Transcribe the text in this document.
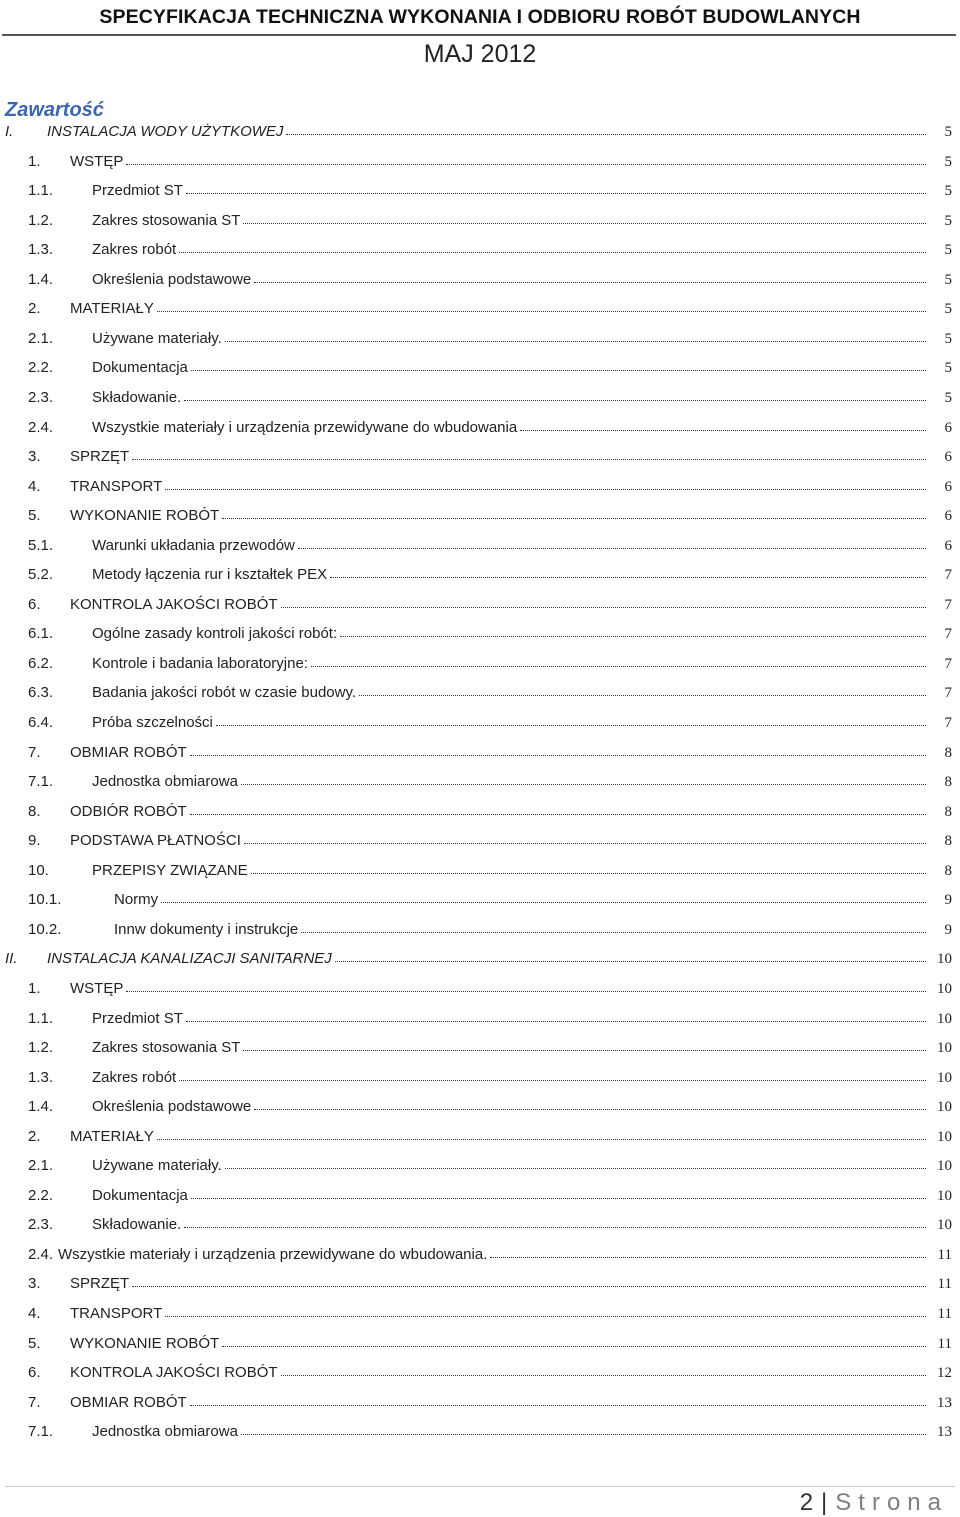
SPECYFIKACJA TECHNICZNA WYKONANIA I ODBIORU ROBÓT BUDOWLANYCH
MAJ 2012
Zawartość
I. INSTALACJA WODY UŻYTKOWEJ	5
1. WSTĘP	5
1.1.	Przedmiot ST	5
1.2.	Zakres stosowania ST	5
1.3.	Zakres robót	5
1.4.	Określenia podstawowe	5
2. MATERIAŁY	5
2.1.	Używane materiały.	5
2.2.	Dokumentacja	5
2.3.	Składowanie.	5
2.4.	Wszystkie materiały i urządzenia przewidywane do wbudowania	6
3. SPRZĘT	6
4. TRANSPORT	6
5. WYKONANIE ROBÓT	6
5.1.	Warunki układania przewodów	6
5.2.	Metody łączenia rur i kształtek PEX	7
6. KONTROLA JAKOŚCI ROBÓT	7
6.1.	Ogólne zasady kontroli jakości robót:	7
6.2.	Kontrole i badania laboratoryjne:	7
6.3.	Badania jakości robót w czasie budowy.	7
6.4.	Próba szczelności	7
7. OBMIAR ROBÓT	8
7.1.	Jednostka obmiarowa	8
8. ODBIÓR ROBÓT	8
9. PODSTAWA PŁATNOŚCI	8
10.	PRZEPISY ZWIĄZANE	8
10.1.	Normy	9
10.2.	Innw dokumenty i instrukcje	9
II. INSTALACJA KANALIZACJI SANITARNEJ	10
1. WSTĘP	10
1.1.	Przedmiot ST	10
1.2.	Zakres stosowania ST	10
1.3.	Zakres robót	10
1.4.	Określenia podstawowe	10
2. MATERIAŁY	10
2.1.	Używane materiały.	10
2.2.	Dokumentacja	10
2.3.	Składowanie.	10
2.4. Wszystkie materiały i urządzenia przewidywane do wbudowania.	11
3. SPRZĘT	11
4. TRANSPORT	11
5. WYKONANIE ROBÓT	11
6. KONTROLA JAKOŚCI ROBÓT	12
7. OBMIAR ROBÓT	13
7.1.	Jednostka obmiarowa	13
2 | Strona
